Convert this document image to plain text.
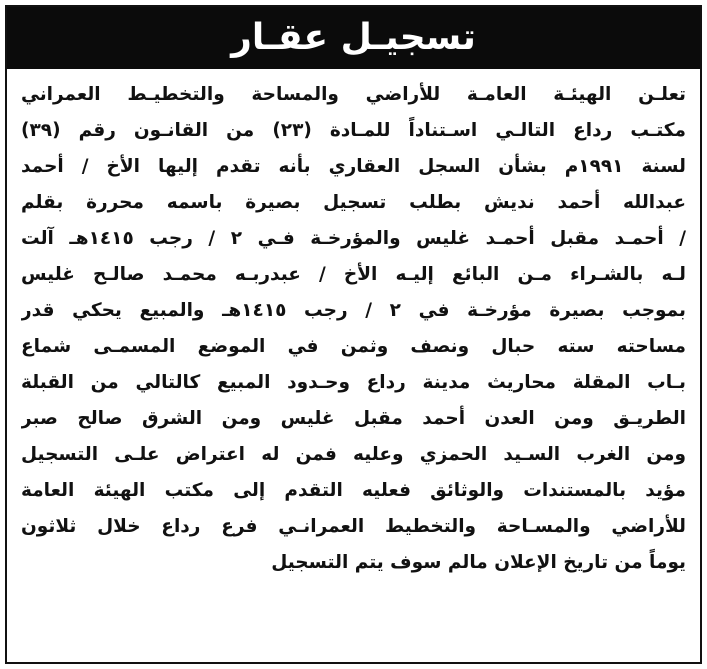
تسجيـل عقـار
تعلـن الهيئـة العامـة للأراضي والمساحة والتخطيـط العمراني
مكتـب رداع التالـي اسـتناداً للمـادة (٢٣) من القانـون رقم (٣٩)
لسنة ١٩٩١م بشأن السجل العقاري بأنه تقدم إليها الأخ / أحمد
عبدالله أحمد نديش بطلب تسجيل بصيرة باسمه محررة بقلم
/ أحمـد مقبل أحمـد غليس والمؤرخـة فـي ٢ / رجب ١٤١٥هـ آلت
لـه بالشـراء مـن البائع إليـه الأخ / عبدربـه محمـد صالـح غليس
بموجب بصيرة مؤرخـة في ٢ / رجب ١٤١٥هـ والمبيع يحكي قدر
مساحته سته حبال ونصف وثمن في الموضع المسمـى شماع
بـاب المقلة محاريث مدينة رداع وحـدود المبيع كالتالي من القبلة
الطريـق ومن العدن أحمد مقبل غليس ومن الشرق صالح صبر
ومن الغرب السـيد الحمزي وعليه فمن له اعتراض علـى التسجيل
مؤيد بالمستندات والوثائق فعليه التقدم إلى مكتب الهيئة العامة
للأراضي والمسـاحة والتخطيط العمرانـي فرع رداع خلال ثلاثون
يوماً من تاريخ الإعلان مالم سوف يتم التسجيل
